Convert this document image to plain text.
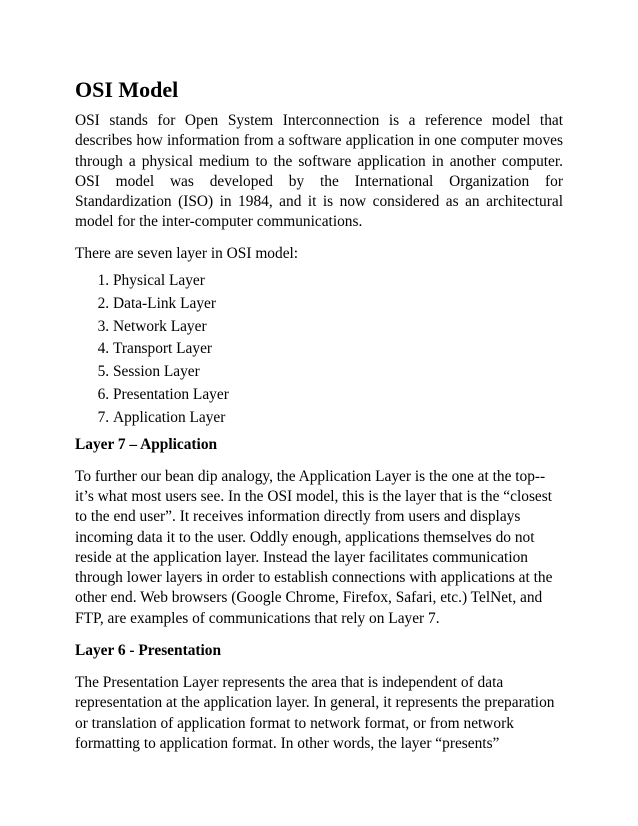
OSI Model

OSI stands for Open System Interconnection is a reference model that describes how information from a software application in one computer moves through a physical medium to the software application in another computer. OSI model was developed by the International Organization for Standardization (ISO) in 1984, and it is now considered as an architectural model for the inter-computer communications.

There are seven layer in OSI model:

1. Physical Layer
2. Data-Link Layer
3. Network Layer
4. Transport Layer
5. Session Layer
6. Presentation Layer
7. Application Layer
Layer 7 – Application

To further our bean dip analogy, the Application Layer is the one at the top--it’s what most users see. In the OSI model, this is the layer that is the “closest to the end user”. It receives information directly from users and displays incoming data it to the user. Oddly enough, applications themselves do not reside at the application layer. Instead the layer facilitates communication through lower layers in order to establish connections with applications at the other end. Web browsers (Google Chrome, Firefox, Safari, etc.) TelNet, and FTP, are examples of communications that rely on Layer 7.

Layer 6 - Presentation

The Presentation Layer represents the area that is independent of data representation at the application layer. In general, it represents the preparation or translation of application format to network format, or from network formatting to application format. In other words, the layer “presents”
